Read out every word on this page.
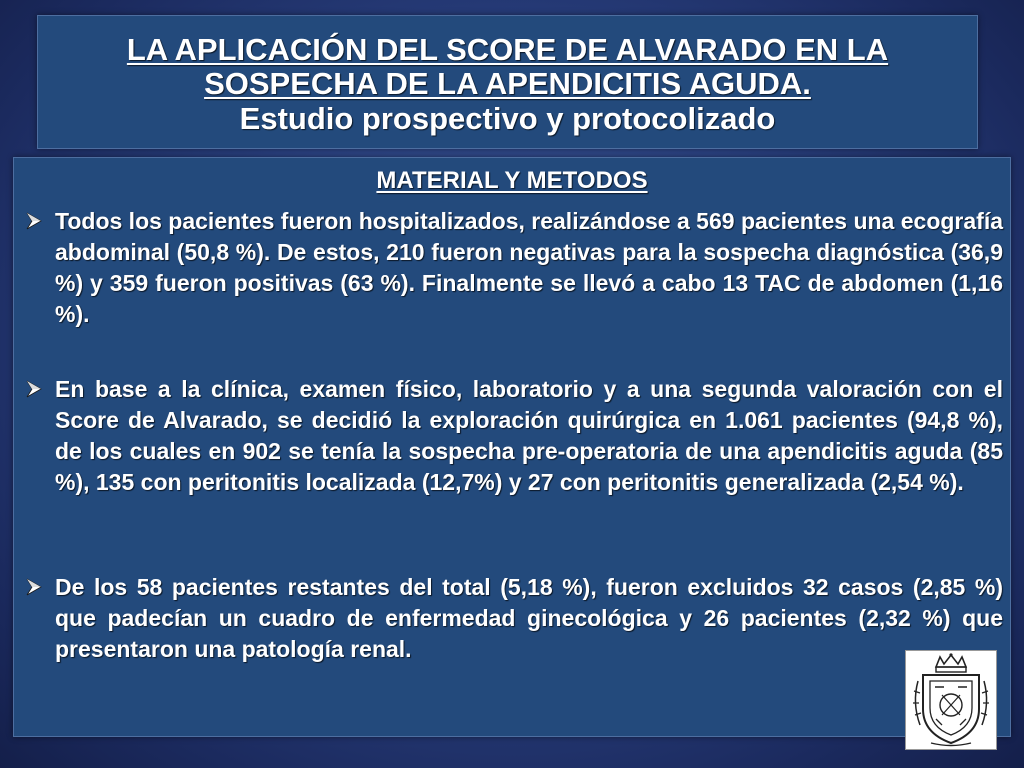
LA APLICACIÓN DEL SCORE DE ALVARADO EN LA
SOSPECHA DE LA APENDICITIS AGUDA.
Estudio prospectivo y protocolizado
MATERIAL Y METODOS
Todos los pacientes fueron hospitalizados, realizándose a 569 pacientes una ecografía abdominal (50,8 %). De estos, 210 fueron negativas para la sospecha diagnóstica (36,9 %) y 359 fueron positivas (63 %). Finalmente se llevó a cabo 13 TAC de abdomen (1,16 %).
En base a la clínica, examen físico, laboratorio y a una segunda valoración con el Score de Alvarado, se decidió la exploración quirúrgica en 1.061 pacientes (94,8 %), de los cuales en 902 se tenía la sospecha pre-operatoria de una apendicitis aguda (85 %), 135 con peritonitis localizada (12,7%) y 27 con peritonitis generalizada (2,54 %).
De los 58 pacientes restantes del total (5,18 %), fueron excluidos 32 casos (2,85 %) que padecían un cuadro de enfermedad ginecológica y 26 pacientes (2,32 %) que presentaron una patología renal.
